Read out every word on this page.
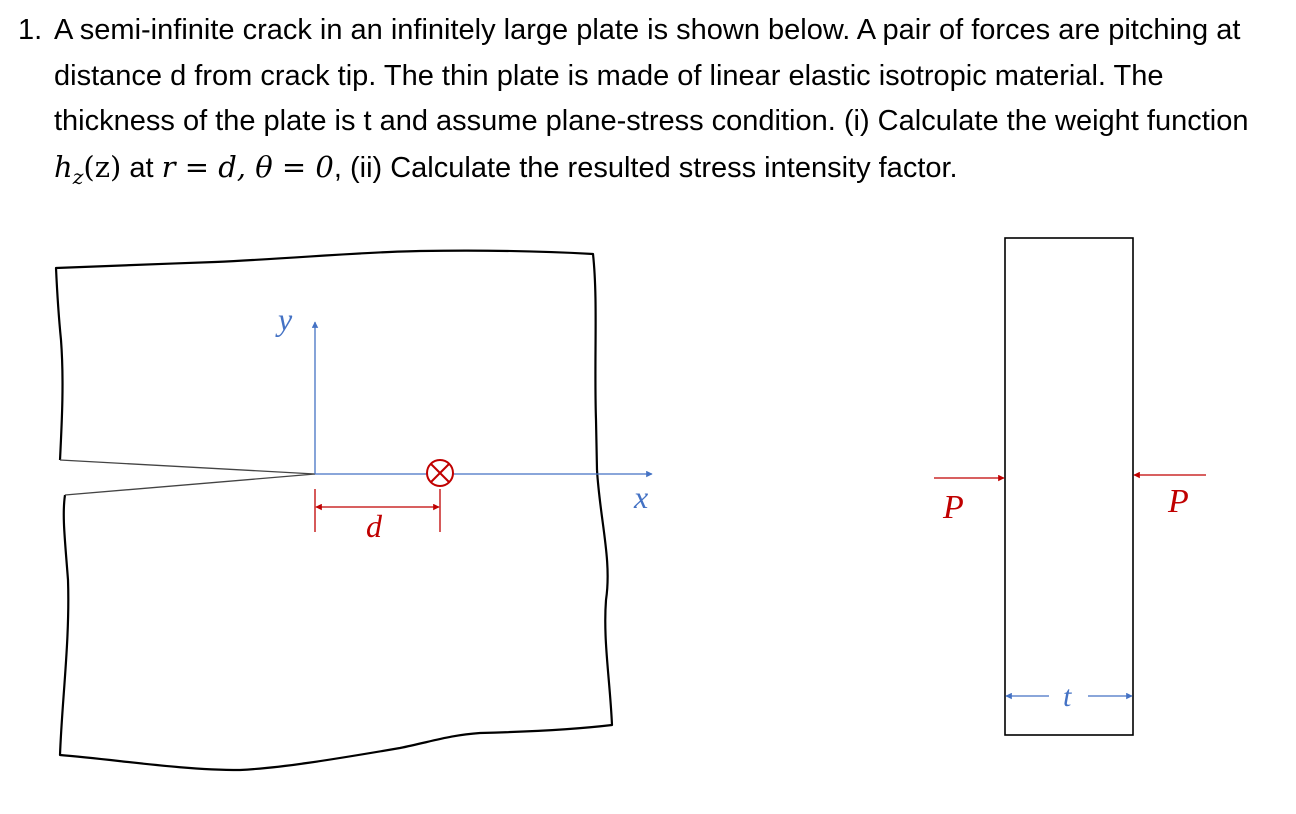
1. A semi-infinite crack in an infinitely large plate is shown below. A pair of forces are pitching at distance d from crack tip. The thin plate is made of linear elastic isotropic material. The thickness of the plate is t and assume plane-stress condition. (i) Calculate the weight function $h_z(z)$ at r = d, θ = 0, (ii) Calculate the resulted stress intensity factor.
y
x
d	P	P
t
